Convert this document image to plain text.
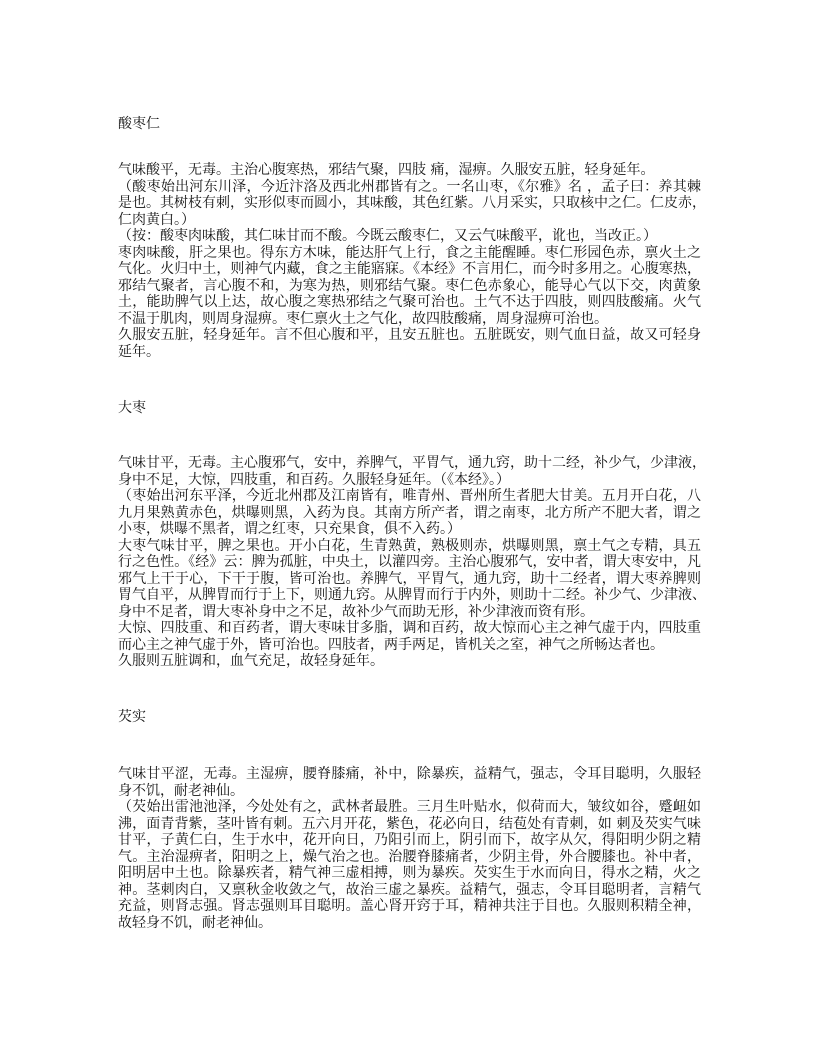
酸枣仁
气味酸平，无毒。主治心腹寒热，邪结气聚，四肢 痛，湿痹。久服安五脏，轻身延年。
（酸枣始出河东川泽，今近汴洛及西北州郡皆有之。一名山枣，《尔雅》名 ，孟子曰：养其棘
是也。其树枝有刺，实形似枣而圆小，其味酸，其色红紫。八月采实，只取核中之仁。仁皮赤，
仁肉黄白。）
（按：酸枣肉味酸，其仁味甘而不酸。今既云酸枣仁，又云气味酸平，讹也，当改正。）
枣肉味酸，肝之果也。得东方木味，能达肝气上行，食之主能醒睡。枣仁形园色赤，禀火土之
气化。火归中土，则神气内藏，食之主能寤寐。《本经》不言用仁，而今时多用之。心腹寒热，
邪结气聚者，言心腹不和，为寒为热，则邪结气聚。枣仁色赤象心，能导心气以下交，肉黄象
土，能助脾气以上达，故心腹之寒热邪结之气聚可治也。土气不达于四肢，则四肢酸痛。火气
不温于肌肉，则周身湿痹。枣仁禀火土之气化，故四肢酸痛，周身湿痹可治也。
久服安五脏，轻身延年。言不但心腹和平，且安五脏也。五脏既安，则气血日益，故又可轻身
延年。
大枣
气味甘平，无毒。主心腹邪气，安中，养脾气，平胃气，通九窍，助十二经，补少气，少津液，
身中不足，大惊，四肢重，和百药。久服轻身延年。（《本经》。）
（枣始出河东平泽，今近北州郡及江南皆有，唯青州、晋州所生者肥大甘美。五月开白花，八
九月果熟黄赤色，烘曝则黑，入药为良。其南方所产者，谓之南枣，北方所产不肥大者，谓之
小枣，烘曝不黑者，谓之红枣，只充果食，俱不入药。）
大枣气味甘平，脾之果也。开小白花，生青熟黄，熟极则赤，烘曝则黑，禀土气之专精，具五
行之色性。《经》云：脾为孤脏，中央土，以灌四旁。主治心腹邪气，安中者，谓大枣安中，凡
邪气上干于心，下干于腹，皆可治也。养脾气，平胃气，通九窍，助十二经者，谓大枣养脾则
胃气自平，从脾胃而行于上下，则通九窍。从脾胃而行于内外，则助十二经。补少气、少津液、
身中不足者，谓大枣补身中之不足，故补少气而助无形，补少津液而资有形。
大惊、四肢重、和百药者，谓大枣味甘多脂，调和百药，故大惊而心主之神气虚于内，四肢重
而心主之神气虚于外，皆可治也。四肢者，两手两足，皆机关之室，神气之所畅达者也。
久服则五脏调和，血气充足，故轻身延年。
芡实
气味甘平涩，无毒。主湿痹，腰脊膝痛，补中，除暴疾，益精气，强志，令耳目聪明，久服轻
身不饥，耐老神仙。
（芡始出雷池池泽，今处处有之，武林者最胜。三月生叶贴水，似荷而大，皱纹如谷，蹙衄如
沸，面青背紫，茎叶皆有刺。五六月开花，紫色，花必向日，结苞处有青刺，如 刺及芡实气味
甘平，子黄仁白，生于水中，花开向日，乃阳引而上，阴引而下，故字从欠，得阳明少阴之精
气。主治湿痹者，阳明之上，燥气治之也。治腰脊膝痛者，少阴主骨，外合腰膝也。补中者，
阳明居中土也。除暴疾者，精气神三虚相搏，则为暴疾。芡实生于水而向日，得水之精，火之
神。茎刺肉白，又禀秋金收敛之气，故治三虚之暴疾。益精气，强志，令耳目聪明者，言精气
充益，则肾志强。肾志强则耳目聪明。盖心肾开窍于耳，精神共注于目也。久服则积精全神，
故轻身不饥，耐老神仙。
